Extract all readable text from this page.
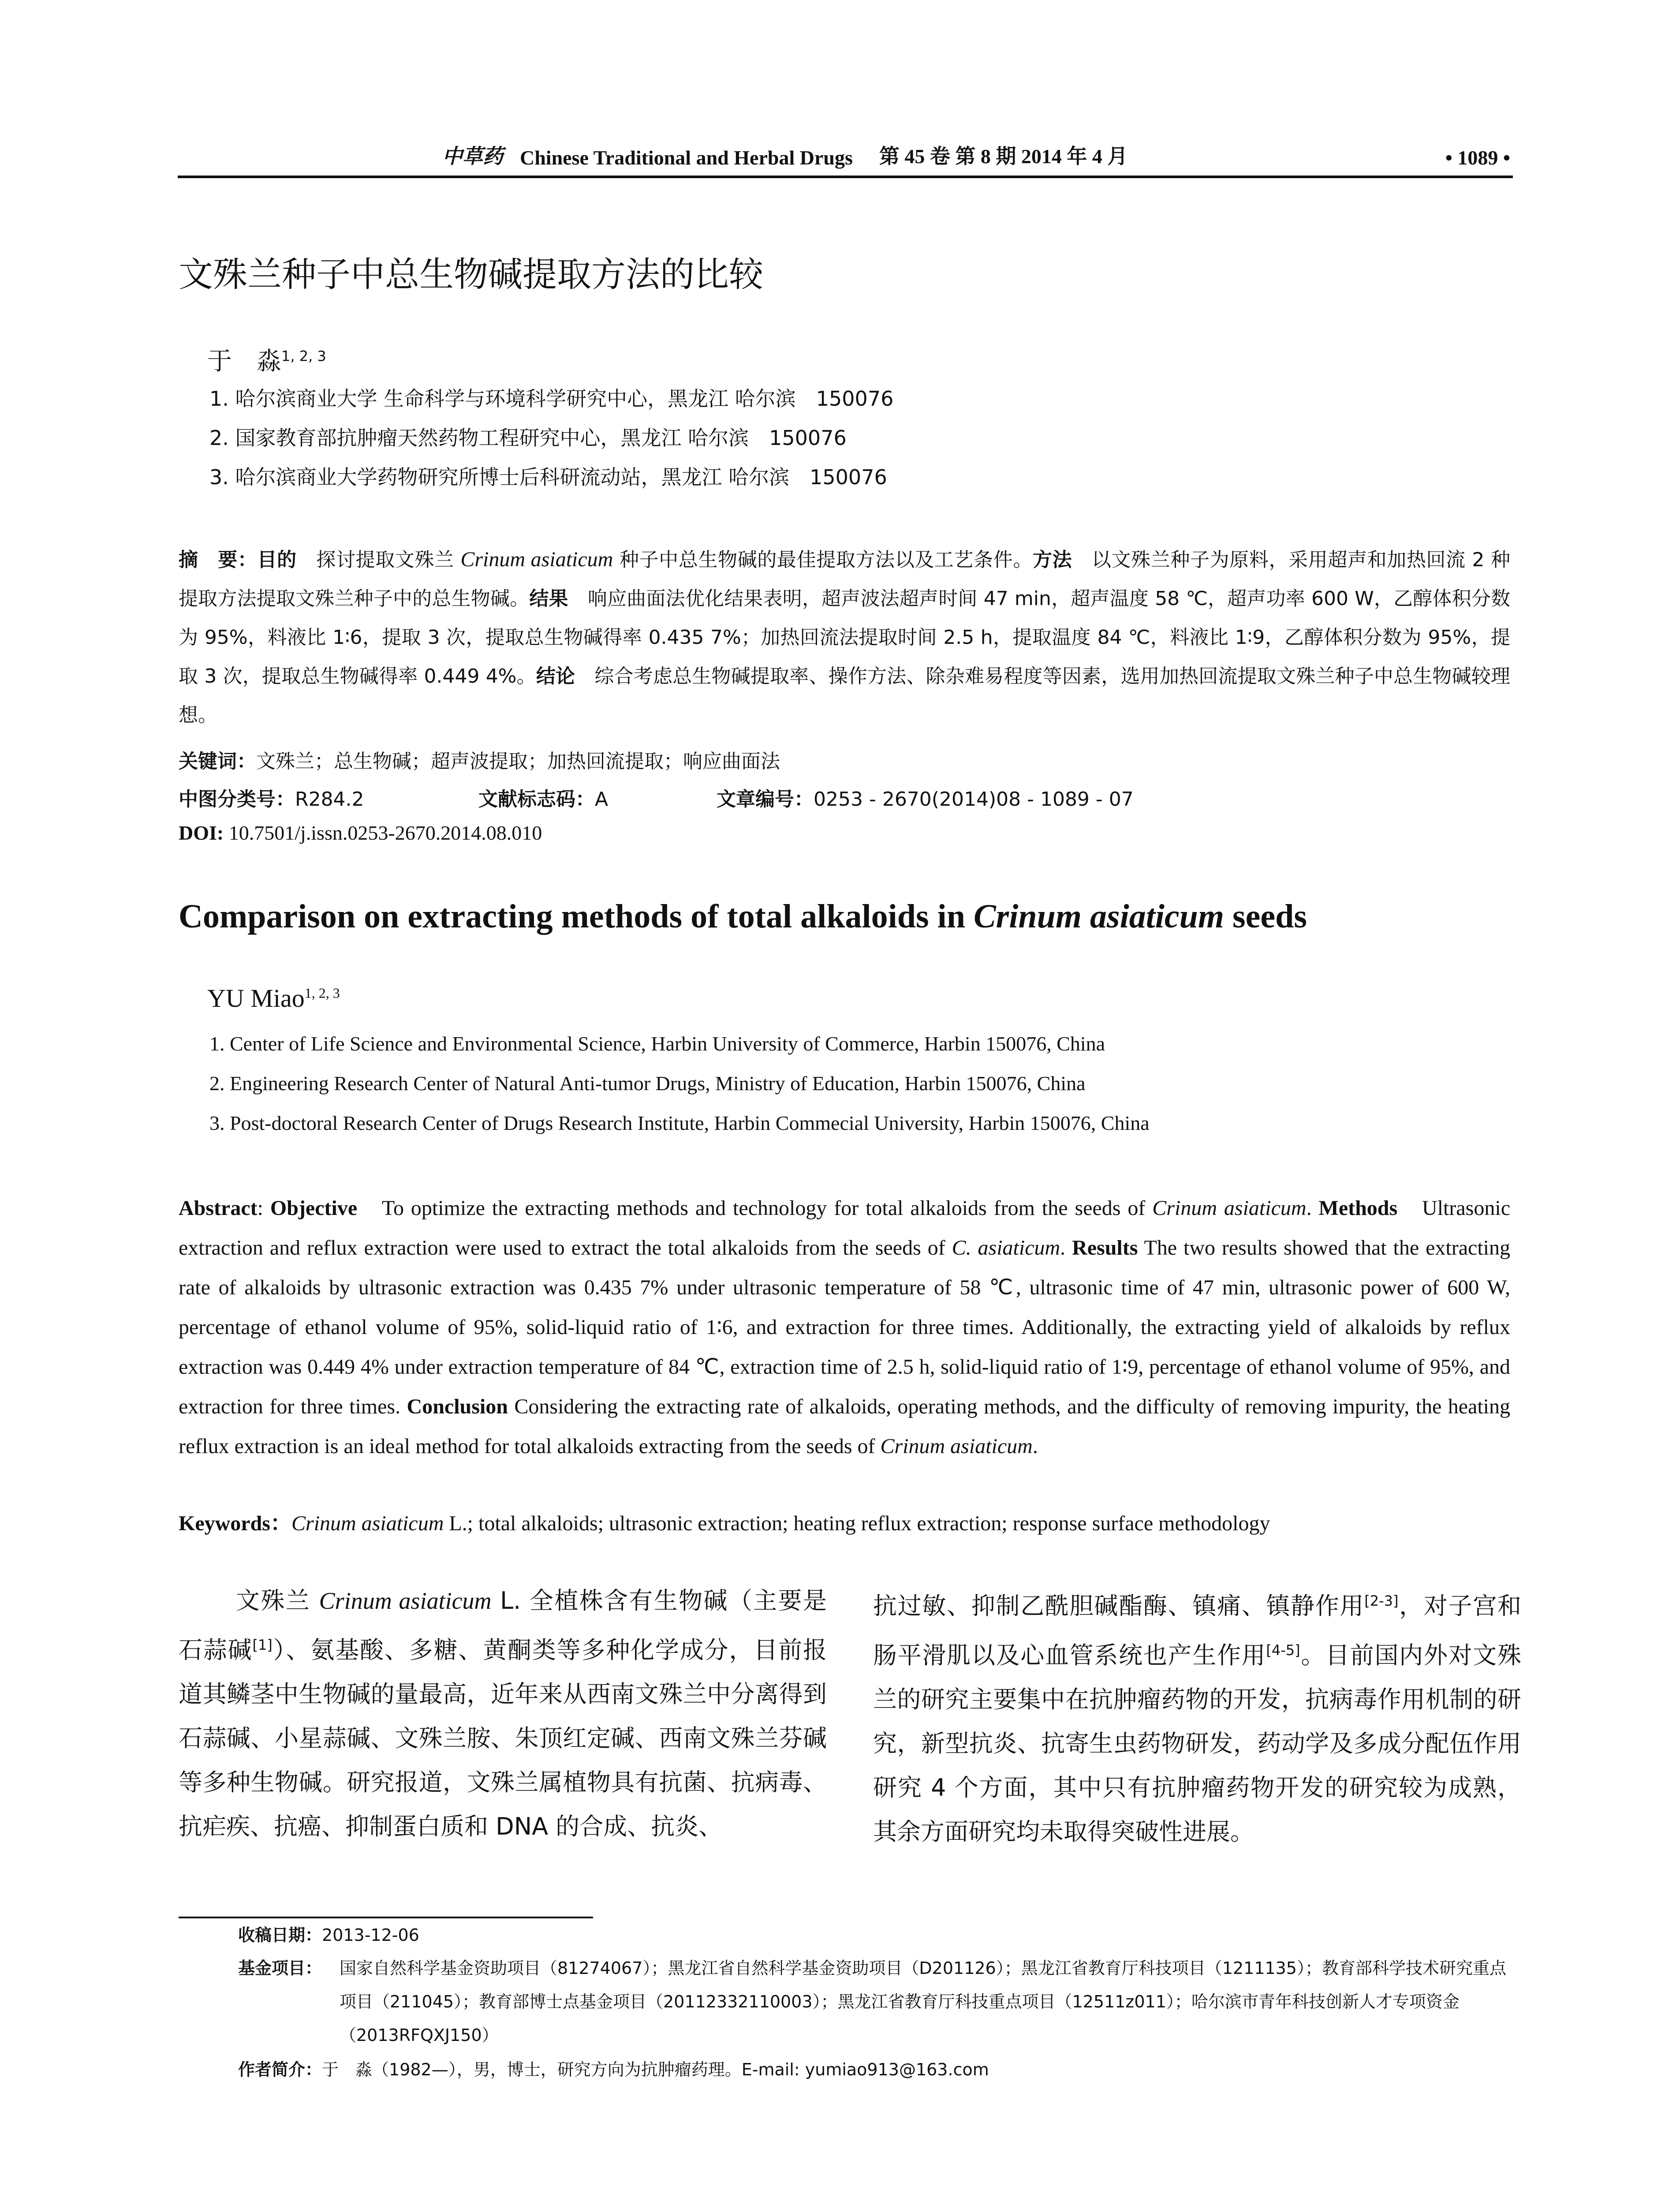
中草药 Chinese Traditional and Herbal Drugs 第 45 卷 第 8 期 2014 年 4 月	• 1089 •
文殊兰种子中总生物碱提取方法的比较
于　淼$^{1, 2, 3}$
1. 哈尔滨商业大学 生命科学与环境科学研究中心，黑龙江 哈尔滨　150076
2. 国家教育部抗肿瘤天然药物工程研究中心，黑龙江 哈尔滨　150076
3. 哈尔滨商业大学药物研究所博士后科研流动站，黑龙江 哈尔滨　150076
摘　要：目的　探讨提取文殊兰 Crinum asiaticum 种子中总生物碱的最佳提取方法以及工艺条件。方法　以文殊兰种子为原料，采用超声和加热回流 2 种提取方法提取文殊兰种子中的总生物碱。结果　响应曲面法优化结果表明，超声波法超声时间 47 min，超声温度 58 ℃，超声功率 600 W，乙醇体积分数为 95%，料液比 1∶6，提取 3 次，提取总生物碱得率 0.435 7%；加热回流法提取时间 2.5 h，提取温度 84 ℃，料液比 1∶9，乙醇体积分数为 95%，提取 3 次，提取总生物碱得率 0.449 4%。结论　综合考虑总生物碱提取率、操作方法、除杂难易程度等因素，选用加热回流提取文殊兰种子中总生物碱较理想。
关键词：文殊兰；总生物碱；超声波提取；加热回流提取；响应曲面法
中图分类号：R284.2	文献标志码：A	文章编号：0253 - 2670(2014)08 - 1089 - 07
DOI: 10.7501/j.issn.0253-2670.2014.08.010
Comparison on extracting methods of total alkaloids in Crinum asiaticum seeds
YU Miao$^{1, 2, 3}$
1. Center of Life Science and Environmental Science, Harbin University of Commerce, Harbin 150076, China
2. Engineering Research Center of Natural Anti-tumor Drugs, Ministry of Education, Harbin 150076, China
3. Post-doctoral Research Center of Drugs Research Institute, Harbin Commecial University, Harbin 150076, China
Abstract: Objective　To optimize the extracting methods and technology for total alkaloids from the seeds of Crinum asiaticum. Methods　Ultrasonic extraction and reflux extraction were used to extract the total alkaloids from the seeds of C. asiaticum. Results The two results showed that the extracting rate of alkaloids by ultrasonic extraction was 0.435 7% under ultrasonic temperature of 58 ℃, ultrasonic time of 47 min, ultrasonic power of 600 W, percentage of ethanol volume of 95%, solid-liquid ratio of 1∶6, and extraction for three times. Additionally, the extracting yield of alkaloids by reflux extraction was 0.449 4% under extraction temperature of 84 ℃, extraction time of 2.5 h, solid-liquid ratio of 1∶9, percentage of ethanol volume of 95%, and extraction for three times. Conclusion Considering the extracting rate of alkaloids, operating methods, and the difficulty of removing impurity, the heating reflux extraction is an ideal method for total alkaloids extracting from the seeds of Crinum asiaticum.
Keywords：Crinum asiaticum L.; total alkaloids; ultrasonic extraction; heating reflux extraction; response surface methodology
文殊兰 Crinum asiaticum L. 全植株含有生物碱（主要是石蒜碱[1]）、氨基酸、多糖、黄酮类等多种化学成分，目前报道其鳞茎中生物碱的量最高，近年来从西南文殊兰中分离得到石蒜碱、小星蒜碱、文殊兰胺、朱顶红定碱、西南文殊兰芬碱等多种生物碱。研究报道，文殊兰属植物具有抗菌、抗病毒、抗疟疾、抗癌、抑制蛋白质和 DNA 的合成、抗炎、
抗过敏、抑制乙酰胆碱酯酶、镇痛、镇静作用[2-3]，对子宫和肠平滑肌以及心血管系统也产生作用[4-5]。目前国内外对文殊兰的研究主要集中在抗肿瘤药物的开发，抗病毒作用机制的研究，新型抗炎、抗寄生虫药物研发，药动学及多成分配伍作用研究 4 个方面，其中只有抗肿瘤药物开发的研究较为成熟，其余方面研究均未取得突破性进展。
收稿日期：2013-12-06
基金项目： 国家自然科学基金资助项目（81274067）；黑龙江省自然科学基金资助项目（D201126）；黑龙江省教育厅科技项目（1211135）；教育部科学技术研究重点项目（211045）；教育部博士点基金项目（20112332110003）；黑龙江省教育厅科技重点项目（12511z011）；哈尔滨市青年科技创新人才专项资金（2013RFQXJ150）
作者简介：于　淼（1982—），男，博士，研究方向为抗肿瘤药理。E-mail: yumiao913@163.com
